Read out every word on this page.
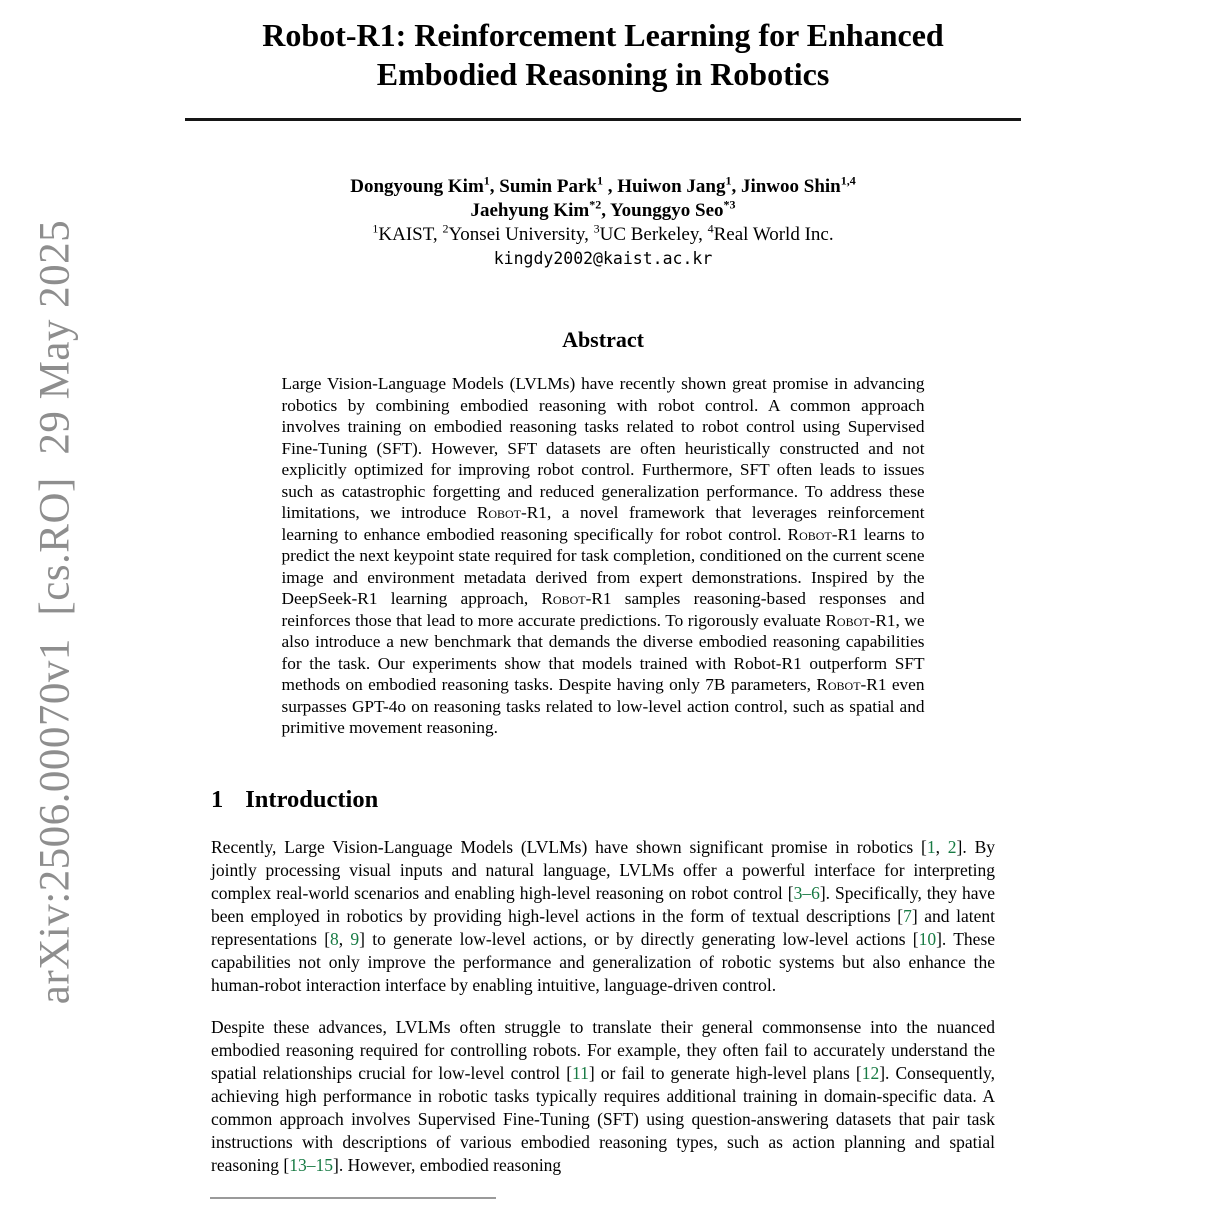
arXiv:2506.00070v1  [cs.RO]  29 May 2025
Robot-R1: Reinforcement Learning for Enhanced
Embodied Reasoning in Robotics
Dongyoung Kim$^1$, Sumin Park$^1$ , Huiwon Jang$^1$, Jinwoo Shin$^{1,4}$
Jaehyung Kim$^{*2}$, Younggyo Seo$^{*3}$
$^1$KAIST, $^2$Yonsei University, $^3$UC Berkeley, $^4$Real World Inc.
kingdy2002@kaist.ac.kr
Abstract
Large Vision-Language Models (LVLMs) have recently shown great promise in advancing robotics by combining embodied reasoning with robot control. A common approach involves training on embodied reasoning tasks related to robot control using Supervised Fine-Tuning (SFT). However, SFT datasets are often heuristically constructed and not explicitly optimized for improving robot control. Furthermore, SFT often leads to issues such as catastrophic forgetting and reduced generalization performance. To address these limitations, we introduce Robot-R1, a novel framework that leverages reinforcement learning to enhance embodied reasoning specifically for robot control. Robot-R1 learns to predict the next keypoint state required for task completion, conditioned on the current scene image and environment metadata derived from expert demonstrations. Inspired by the DeepSeek-R1 learning approach, Robot-R1 samples reasoning-based responses and reinforces those that lead to more accurate predictions. To rigorously evaluate Robot-R1, we also introduce a new benchmark that demands the diverse embodied reasoning capabilities for the task. Our experiments show that models trained with Robot-R1 outperform SFT methods on embodied reasoning tasks. Despite having only 7B parameters, Robot-R1 even surpasses GPT-4o on reasoning tasks related to low-level action control, such as spatial and primitive movement reasoning.
1 Introduction
Recently, Large Vision-Language Models (LVLMs) have shown significant promise in robotics [1, 2]. By jointly processing visual inputs and natural language, LVLMs offer a powerful interface for interpreting complex real-world scenarios and enabling high-level reasoning on robot control [3–6]. Specifically, they have been employed in robotics by providing high-level actions in the form of textual descriptions [7] and latent representations [8, 9] to generate low-level actions, or by directly generating low-level actions [10]. These capabilities not only improve the performance and generalization of robotic systems but also enhance the human-robot interaction interface by enabling intuitive, language-driven control.
Despite these advances, LVLMs often struggle to translate their general commonsense into the nuanced embodied reasoning required for controlling robots. For example, they often fail to accurately understand the spatial relationships crucial for low-level control [11] or fail to generate high-level plans [12]. Consequently, achieving high performance in robotic tasks typically requires additional training in domain-specific data. A common approach involves Supervised Fine-Tuning (SFT) using question-answering datasets that pair task instructions with descriptions of various embodied reasoning types, such as action planning and spatial reasoning [13–15]. However, embodied reasoning
